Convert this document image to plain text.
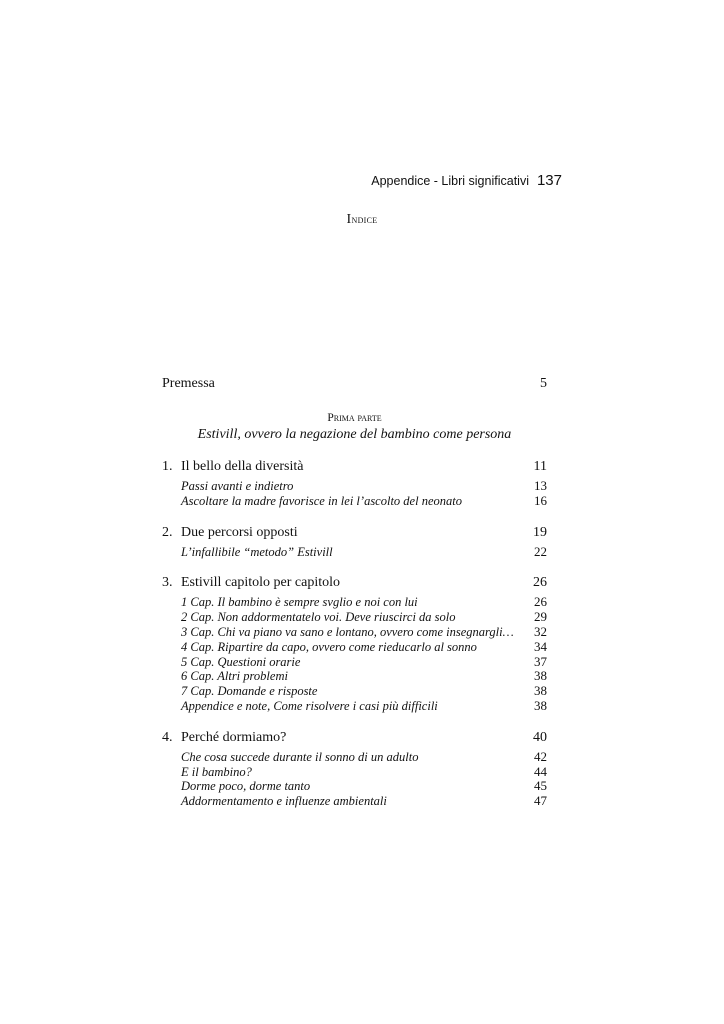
Appendice - Libri significativi 137
Indice
Premessa	5
Prima parte
Estivill, ovvero la negazione del bambino come persona
1. Il bello della diversità	11
Passi avanti e indietro	13
Ascoltare la madre favorisce in lei l’ascolto del neonato	16
2. Due percorsi opposti	19
L’infallibile “metodo” Estivill	22
3. Estivill capitolo per capitolo	26
1 Cap. Il bambino è sempre svglio e noi con lui	26
2 Cap. Non addormentatelo voi. Deve riuscirci da solo	29
3 Cap. Chi va piano va sano e lontano, ovvero come insegnargli…	32
4 Cap. Ripartire da capo, ovvero come rieducarlo al sonno	34
5 Cap. Questioni orarie	37
6 Cap. Altri problemi	38
7 Cap. Domande e risposte	38
Appendice e note, Come risolvere i casi più difficili	38
4. Perché dormiamo?	40
Che cosa succede durante il sonno di un adulto	42
E il bambino?	44
Dorme poco, dorme tanto	45
Addormentamento e influenze ambientali	47
